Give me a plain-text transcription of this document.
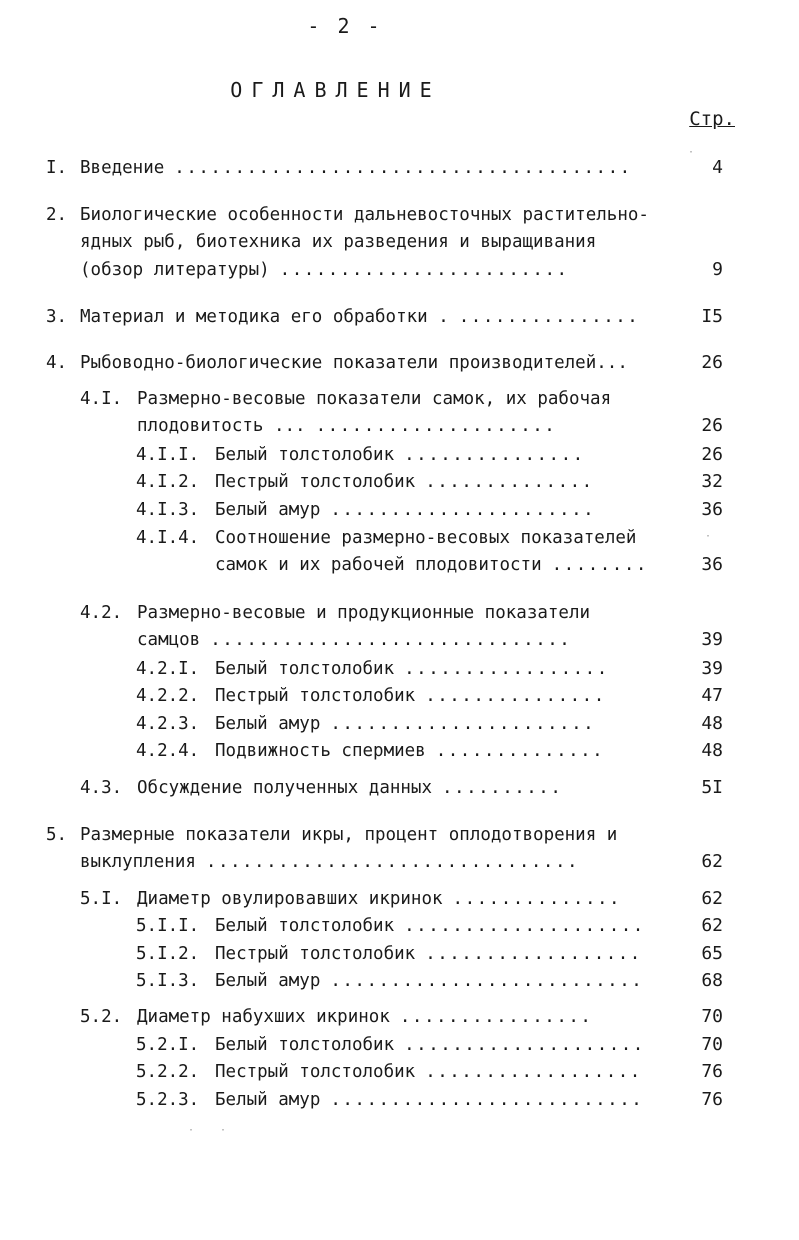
- 2 -
ОГЛАВЛЕНИЕ
Стр.
I. Введение ......................................	4
2. Биологические особенности дальневосточных растительно-
ядных рыб, биотехника их разведения и выращивания
(обзор литературы) ........................	9
3. Материал и методика его обработки . ...............	I5
4. Рыбоводно-биологические показатели производителей...	26
4.I. Размерно-весовые показатели самок, их рабочая
плодовитость ... ....................	26
4.I.I. Белый толстолобик ...............	26
4.I.2. Пестрый толстолобик ..............	32
4.I.3. Белый амур ......................	36
4.I.4. Соотношение размерно-весовых показателей
самок и их рабочей плодовитости ........	36
4.2. Размерно-весовые и продукционные показатели
самцов ..............................	39
4.2.I. Белый толстолобик .................	39
4.2.2. Пестрый толстолобик ...............	47
4.2.3. Белый амур ......................	48
4.2.4. Подвижность спермиев ..............	48
4.3. Обсуждение полученных данных ..........	5I
5. Размерные показатели икры, процент оплодотворения и
выклупления ...............................	62
5.I. Диаметр овулировавших икринок ..............	62
5.I.I. Белый толстолобик ....................	62
5.I.2. Пестрый толстолобик ..................	65
5.I.3. Белый амур ..........................	68
5.2. Диаметр набухших икринок ................	70
5.2.I. Белый толстолобик ....................	70
5.2.2. Пестрый толстолобик ..................	76
5.2.3. Белый амур ..........................	76
·
·
·	·
